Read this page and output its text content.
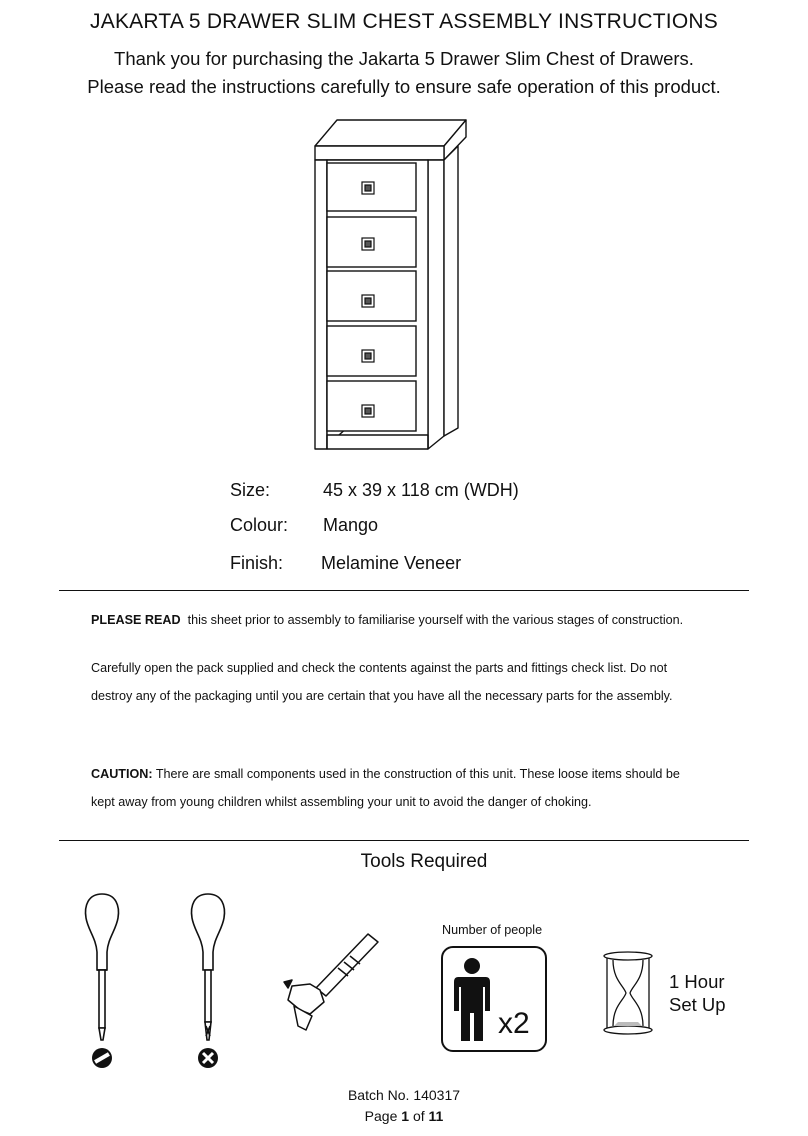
JAKARTA 5 DRAWER SLIM CHEST ASSEMBLY INSTRUCTIONS
Thank you for purchasing the Jakarta 5 Drawer Slim Chest of Drawers.
Please read the instructions carefully to ensure safe operation of this product.
Size:	45 x 39 x 118 cm (WDH)
Colour: Mango
Finish: Melamine Veneer
PLEASE READ this sheet prior to assembly to familiarise yourself with the various stages of construction.
Carefully open the pack supplied and check the contents against the parts and fittings check list. Do not
destroy any of the packaging until you are certain that you have all the necessary parts for the assembly.
CAUTION: There are small components used in the construction of this unit. These loose items should be
kept away from young children whilst assembling your unit to avoid the danger of choking.
Tools Required
Number of people
x2
1 Hour
Set Up
Batch No. 140317
Page 1 of 11
